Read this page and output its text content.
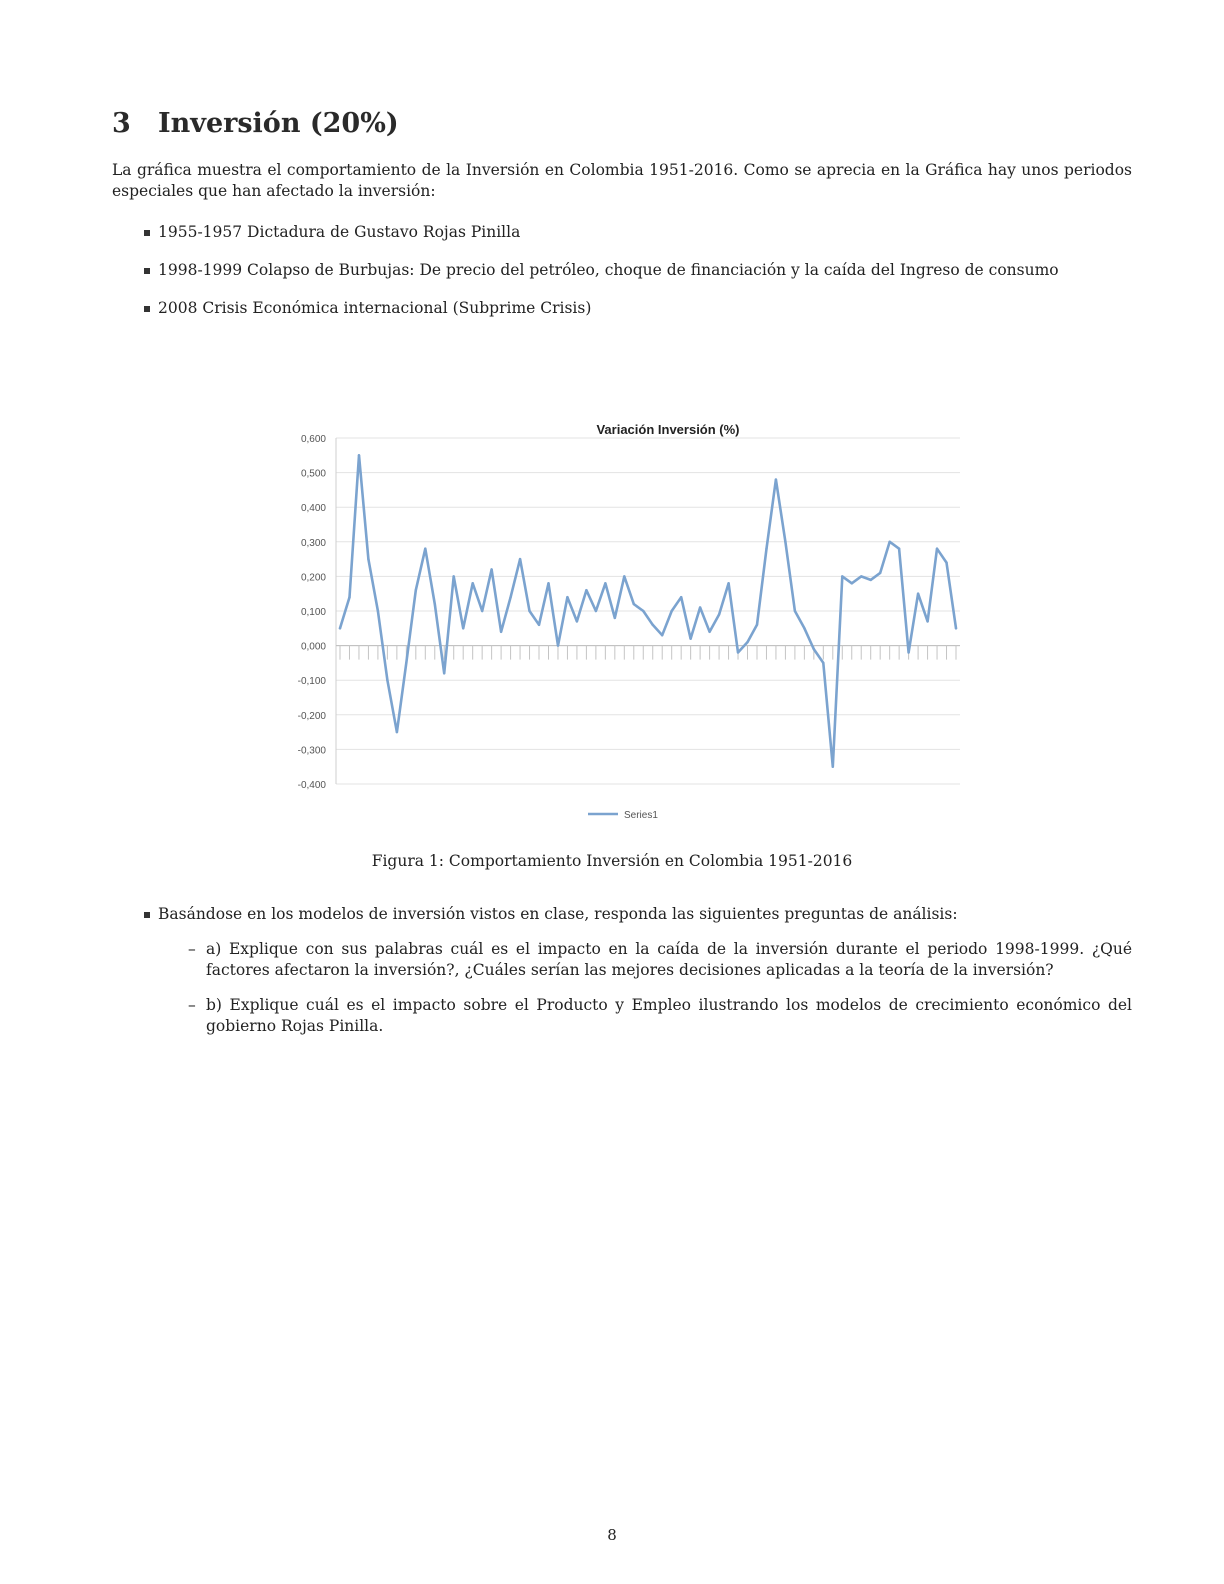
3 Inversión (20%)

La gráfica muestra el comportamiento de la Inversión en Colombia 1951-2016. Como se aprecia en la Gráfica hay unos periodos especiales que han afectado la inversión:

1955-1957 Dictadura de Gustavo Rojas Pinilla
1998-1999 Colapso de Burbujas: De precio del petróleo, choque de financiación y la caída del Ingreso de consumo
2008 Crisis Económica internacional (Subprime Crisis)
Variación Inversión (%)
0,600
0,500
0,400
0,300
0,200
0,100
0,000
-0,100
-0,200
-0,300
-0,400
Series1

Figura 1: Comportamiento Inversión en Colombia 1951-2016

Basándose en los modelos de inversión vistos en clase, responda las siguientes preguntas de análisis:
– a) Explique con sus palabras cuál es el impacto en la caída de la inversión durante el periodo 1998-1999. ¿Qué factores afectaron la inversión?, ¿Cuáles serían las mejores decisiones aplicadas a la teoría de la inversión?
– b) Explique cuál es el impacto sobre el Producto y Empleo ilustrando los modelos de crecimiento económico del gobierno Rojas Pinilla.
8
